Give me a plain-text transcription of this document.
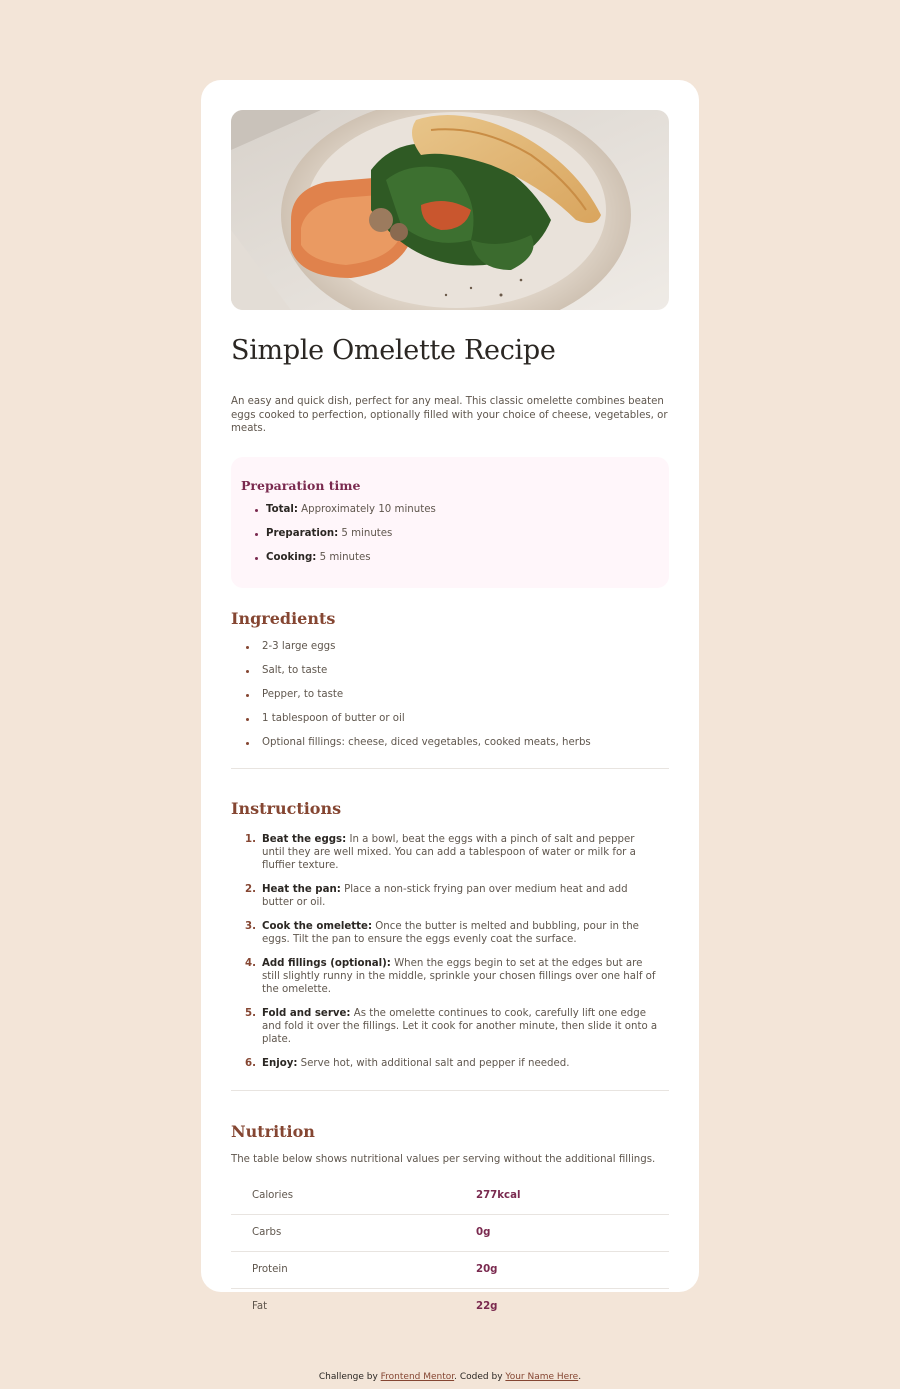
Simple Omelette Recipe

An easy and quick dish, perfect for any meal. This classic omelette combines beaten eggs cooked to perfection, optionally filled with your choice of cheese, vegetables, or meats.

Preparation time
Total: Approximately 10 minutes
Preparation: 5 minutes
Cooking: 5 minutes
Ingredients
2-3 large eggs
Salt, to taste
Pepper, to taste
1 tablespoon of butter or oil
Optional fillings: cheese, diced vegetables, cooked meats, herbs
Instructions
1. Beat the eggs: In a bowl, beat the eggs with a pinch of salt and pepper until they are well mixed. You can add a tablespoon of water or milk for a fluffier texture.
2. Heat the pan: Place a non-stick frying pan over medium heat and add butter or oil.
3. Cook the omelette: Once the butter is melted and bubbling, pour in the eggs. Tilt the pan to ensure the eggs evenly coat the surface.
4. Add fillings (optional): When the eggs begin to set at the edges but are still slightly runny in the middle, sprinkle your chosen fillings over one half of the omelette.
5. Fold and serve: As the omelette continues to cook, carefully lift one edge and fold it over the fillings. Let it cook for another minute, then slide it onto a plate.
6. Enjoy: Serve hot, with additional salt and pepper if needed.
Nutrition

The table below shows nutritional values per serving without the additional fillings.

Calories	277kcal
Carbs	0g
Protein	20g
Fat	22g
Challenge by Frontend Mentor. Coded by Your Name Here.
